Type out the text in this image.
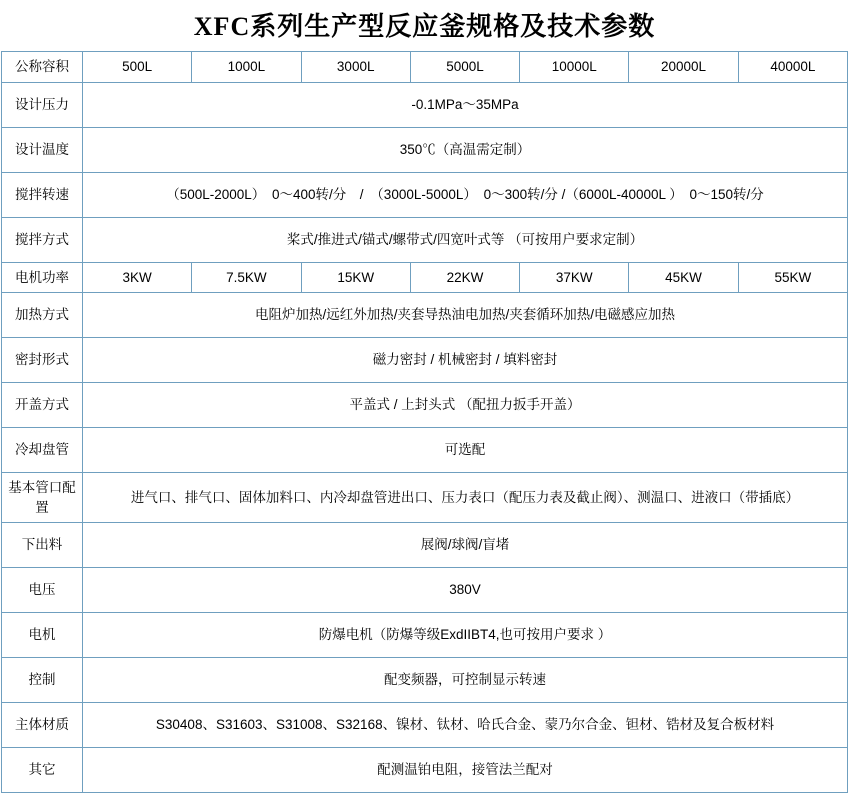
XFC系列生产型反应釜规格及技术参数
公称容积	500L	1000L	3000L	5000L	10000L	20000L	40000L
设计压力	-0.1MPa～35MPa						
设计温度	350℃（高温需定制）						
搅拌转速	（500L-2000L）　0～400转/分　/　（3000L-5000L）　0～300转/分 /（6000L-40000L ）　0～150转/分						
搅拌方式	桨式/推进式/锚式/螺带式/四宽叶式等 （可按用户要求定制）						
电机功率	3KW	7.5KW	15KW	22KW	37KW	45KW	55KW
加热方式	电阻炉加热/远红外加热/夹套导热油电加热/夹套循环加热/电磁感应加热						
密封形式	磁力密封 / 机械密封 / 填料密封						
开盖方式	平盖式 / 上封头式 （配扭力扳手开盖）						
冷却盘管	可选配						
基本管口配置	进气口、排气口、固体加料口、内冷却盘管进出口、压力表口（配压力表及截止阀）、测温口、进液口（带插底）						
下出料	展阀/球阀/盲堵						
电压	380V						
电机	防爆电机（防爆等级ExdIIBT4,也可按用户要求 ）						
控制	配变频器，可控制显示转速						
主体材质	S30408、S31603、S31008、S32168、镍材、钛材、哈氏合金、蒙乃尔合金、钽材、锆材及复合板材料						
其它	配测温铂电阻，接管法兰配对						
